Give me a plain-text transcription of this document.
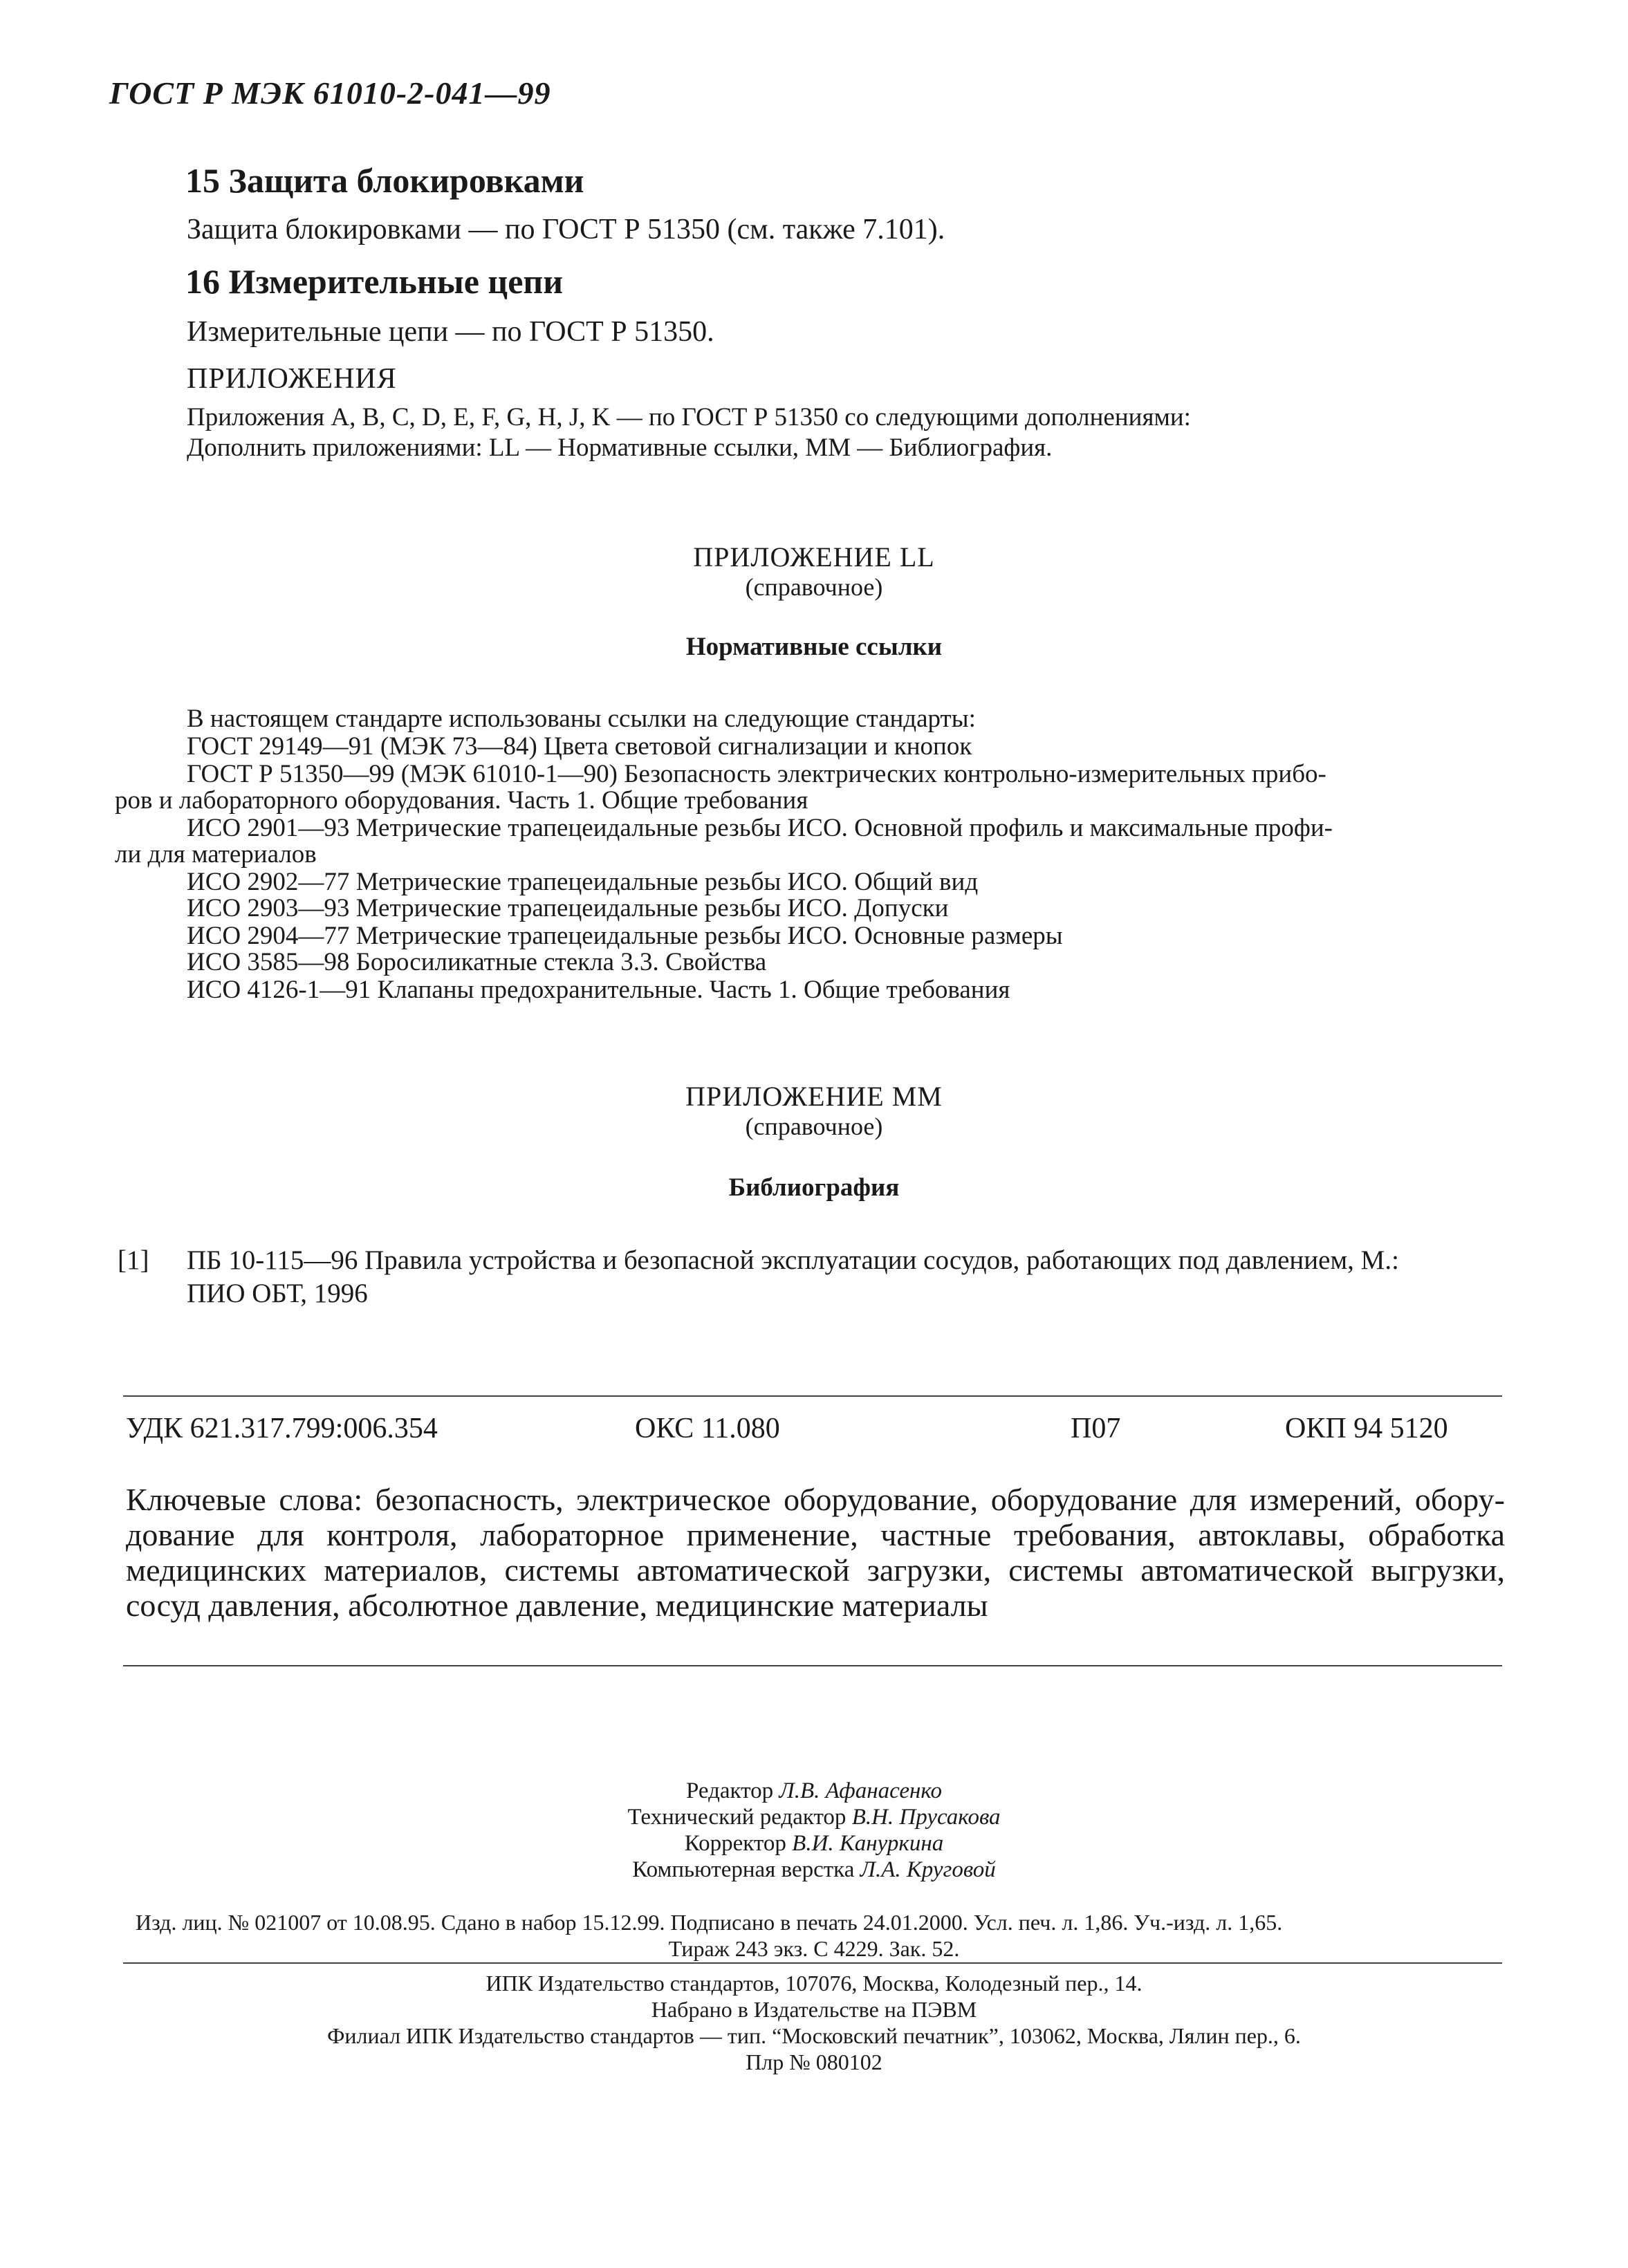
ГОСТ Р МЭК 61010-2-041—99
15 Защита блокировками
Защита блокировками — по ГОСТ Р 51350 (см. также 7.101).
16 Измерительные цепи
Измерительные цепи — по ГОСТ Р 51350.
ПРИЛОЖЕНИЯ
Приложения A, B, C, D, E, F, G, H, J, K — по ГОСТ Р 51350 со следующими дополнениями:
Дополнить приложениями: LL — Нормативные ссылки, MM — Библиография.
ПРИЛОЖЕНИЕ LL
(справочное)
Нормативные ссылки
В настоящем стандарте использованы ссылки на следующие стандарты:
ГОСТ 29149—91 (МЭК 73—84) Цвета световой сигнализации и кнопок
ГОСТ Р 51350—99 (МЭК 61010-1—90) Безопасность электрических контрольно-измерительных прибо-
ров и лабораторного оборудования. Часть 1. Общие требования
ИСО 2901—93 Метрические трапецеидальные резьбы ИСО. Основной профиль и максимальные профи-
ли для материалов
ИСО 2902—77 Метрические трапецеидальные резьбы ИСО. Общий вид
ИСО 2903—93 Метрические трапецеидальные резьбы ИСО. Допуски
ИСО 2904—77 Метрические трапецеидальные резьбы ИСО. Основные размеры
ИСО 3585—98 Боросиликатные стекла 3.3. Свойства
ИСО 4126-1—91 Клапаны предохранительные. Часть 1. Общие требования
ПРИЛОЖЕНИЕ MM
(справочное)
Библиография
[1] ПБ 10-115—96 Правила устройства и безопасной эксплуатации сосудов, работающих под давлением, М.:
ПИО ОБТ, 1996
УДК 621.317.799:006.354	ОКС 11.080	П07	ОКП 94 5120
Ключевые слова: безопасность, электрическое оборудование, оборудование для измерений, обору-дование для контроля, лабораторное применение, частные требования, автоклавы, обработка медицинских материалов, системы автоматической загрузки, системы автоматической выгрузки, сосуд давления, абсолютное давление, медицинские материалы
Редактор Л.В. Афанасенко
Технический редактор В.Н. Прусакова
Корректор В.И. Кануркина
Компьютерная верстка Л.А. Круговой
Изд. лиц. № 021007 от 10.08.95. Сдано в набор 15.12.99. Подписано в печать 24.01.2000. Усл. печ. л. 1,86. Уч.-изд. л. 1,65.
Тираж 243 экз. С 4229. Зак. 52.
ИПК Издательство стандартов, 107076, Москва, Колодезный пер., 14.
Набрано в Издательстве на ПЭВМ
Филиал ИПК Издательство стандартов — тип. “Московский печатник”, 103062, Москва, Лялин пер., 6.
Плр № 080102
